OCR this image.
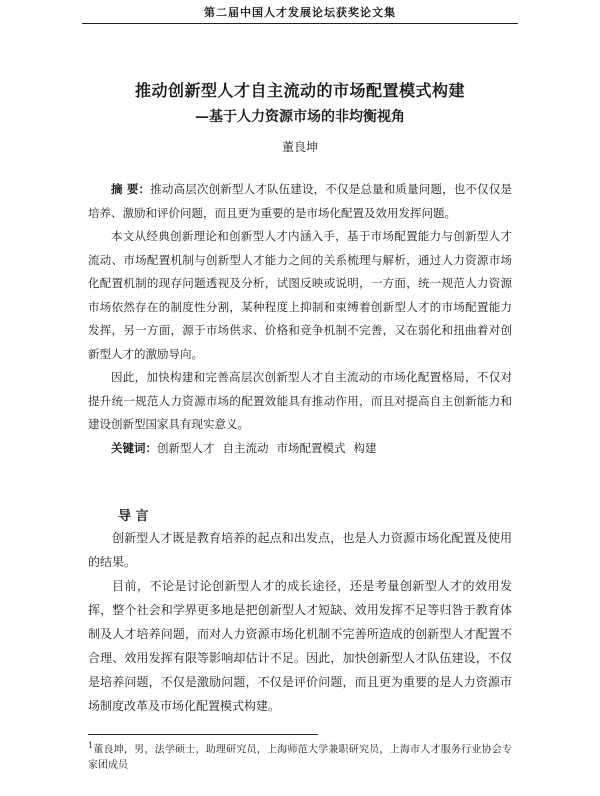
第二届中国人才发展论坛获奖论文集
推动创新型人才自主流动的市场配置模式构建
—基于人力资源市场的非均衡视角
董良坤

摘 要：推动高层次创新型人才队伍建设，不仅是总量和质量问题，也不仅仅是培养、激励和评价问题，而且更为重要的是市场化配置及效用发挥问题。

本文从经典创新理论和创新型人才内涵入手，基于市场配置能力与创新型人才流动、市场配置机制与创新型人才能力之间的关系梳理与解析，通过人力资源市场化配置机制的现存问题透视及分析，试图反映或说明，一方面，统一规范人力资源市场依然存在的制度性分割，某种程度上抑制和束缚着创新型人才的市场配置能力发挥，另一方面，源于市场供求、价格和竞争机制不完善，又在弱化和扭曲着对创新型人才的激励导向。

因此，加快构建和完善高层次创新型人才自主流动的市场化配置格局，不仅对提升统一规范人力资源市场的配置效能具有推动作用，而且对提高自主创新能力和建设创新型国家具有现实意义。

关键词：创新型人才 自主流动 市场配置模式 构建

导 言

创新型人才既是教育培养的起点和出发点，也是人力资源市场化配置及使用的结果。

目前，不论是讨论创新型人才的成长途径，还是考量创新型人才的效用发挥，整个社会和学界更多地是把创新型人才短缺、效用发挥不足等归咎于教育体制及人才培养问题，而对人力资源市场化机制不完善所造成的创新型人才配置不合理、效用发挥有限等影响却估计不足。因此，加快创新型人才队伍建设，不仅是培养问题，不仅是激励问题，不仅是评价问题，而且更为重要的是人力资源市场制度改革及市场化配置模式构建。

$^1$董良坤，男，法学硕士，助理研究员，上海师范大学兼职研究员，上海市人才服务行业协会专家团成员
